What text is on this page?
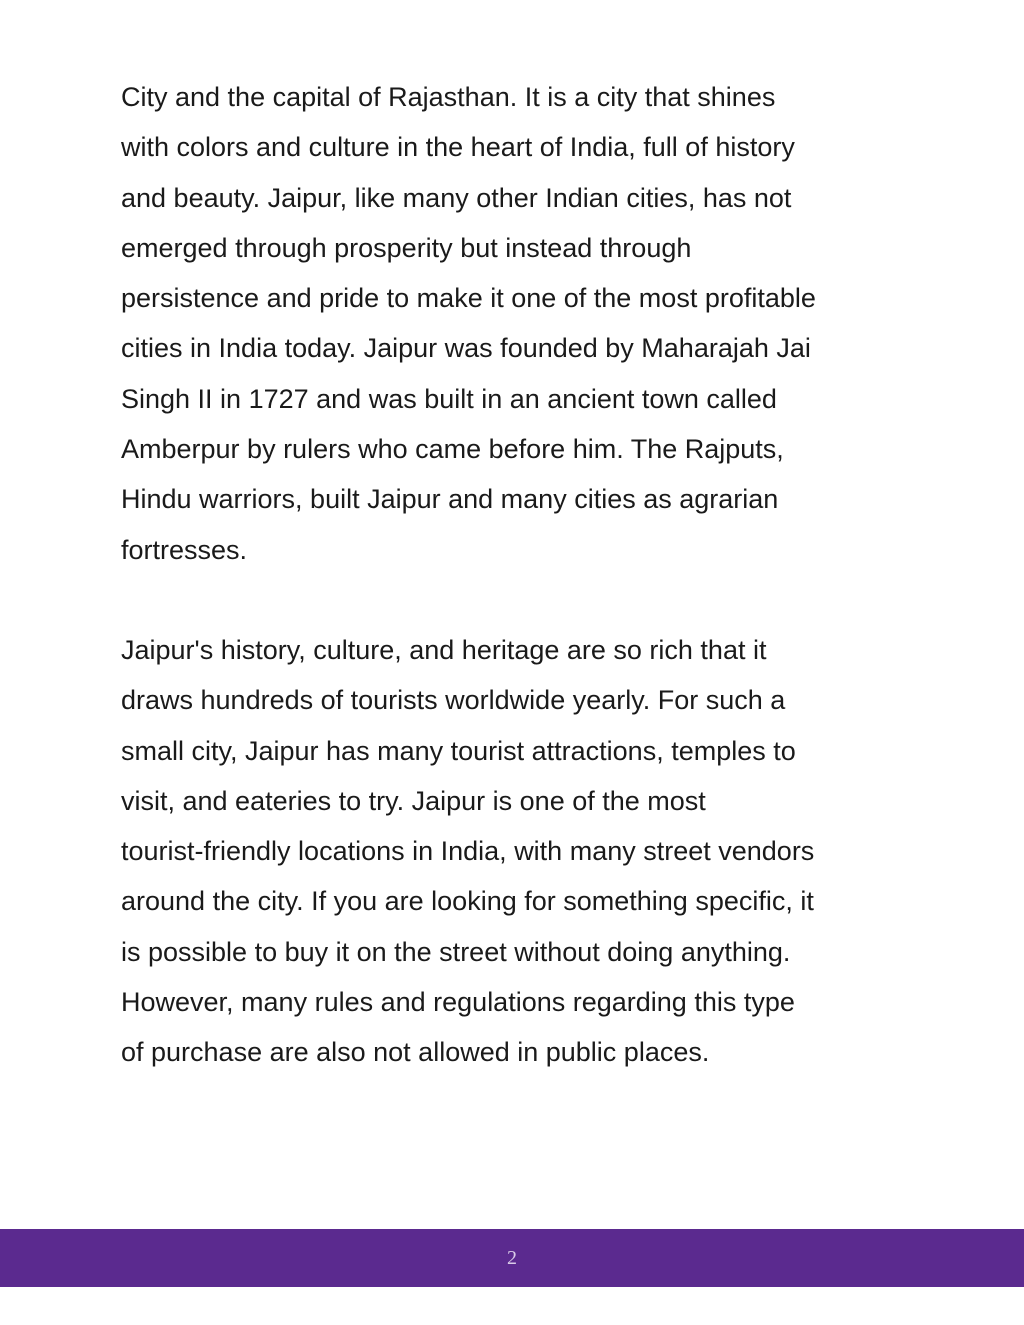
City and the capital of Rajasthan. It is a city that shines

with colors and culture in the heart of India, full of history

and beauty. Jaipur, like many other Indian cities, has not

emerged through prosperity but instead through

persistence and pride to make it one of the most profitable

cities in India today. Jaipur was founded by Maharajah Jai

Singh II in 1727 and was built in an ancient town called

Amberpur by rulers who came before him. The Rajputs,

Hindu warriors, built Jaipur and many cities as agrarian

fortresses.

Jaipur's history, culture, and heritage are so rich that it

draws hundreds of tourists worldwide yearly. For such a

small city, Jaipur has many tourist attractions, temples to

visit, and eateries to try. Jaipur is one of the most

tourist-friendly locations in India, with many street vendors

around the city. If you are looking for something specific, it

is possible to buy it on the street without doing anything.

However, many rules and regulations regarding this type

of purchase are also not allowed in public places.

2
